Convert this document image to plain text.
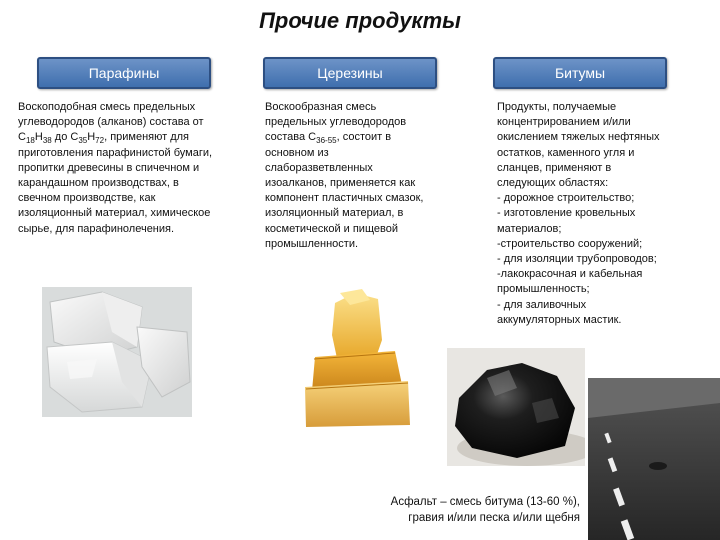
Прочие продукты
Парафины	Церезины	Битумы
Воскоподобная смесь предельных
углеводородов (алканов) состава от
$C_{18}H_{38}$ до $C_{35}H_{72}$, применяют для
приготовления парафинистой бумаги,
пропитки древесины в спичечном и
карандашном производствах, в
свечном производстве, как
изоляционный материал, химическое
сырье, для парафинолечения.
Воскообразная смесь
предельных углеводородов
состава $С_{36-55}$, состоит в
основном из
слаборазветвленных
изоалканов, применяется как
компонент пластичных смазок,
изоляционный материал, в
косметической и пищевой
промышленности.
Продукты, получаемые
концентрированием и/или
окислением тяжелых нефтяных
остатков, каменного угля и
сланцев, применяют в
следующих областях:
- дорожное строительство;
- изготовление кровельных
материалов;
-строительство сооружений;
- для изоляции трубопроводов;
-лакокрасочная и кабельная
промышленность;
- для заливочных
аккумуляторных мастик.
Асфальт – смесь битума (13-60 %),
гравия и/или песка и/или щебня
